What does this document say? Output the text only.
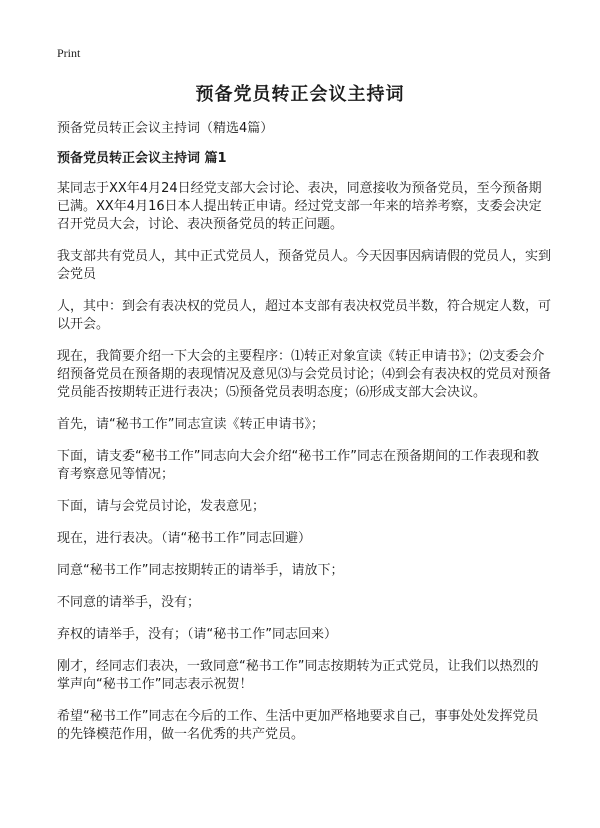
Print
预备党员转正会议主持词

预备党员转正会议主持词（精选4篇）

预备党员转正会议主持词 篇1

某同志于XX年4月24日经党支部大会讨论、表决，同意接收为预备党员，至今预备期已满。XX年4月16日本人提出转正申请。经过党支部一年来的培养考察，支委会决定召开党员大会，讨论、表决预备党员的转正问题。

我支部共有党员人，其中正式党员人，预备党员人。今天因事因病请假的党员人，实到会党员

人，其中：到会有表决权的党员人，超过本支部有表决权党员半数，符合规定人数，可以开会。

现在，我简要介绍一下大会的主要程序：⑴转正对象宣读《转正申请书》；⑵支委会介绍预备党员在预备期的表现情况及意见⑶与会党员讨论；⑷到会有表决权的党员对预备党员能否按期转正进行表决；⑸预备党员表明态度；⑹形成支部大会决议。

首先，请“秘书工作”同志宣读《转正申请书》；

下面，请支委“秘书工作”同志向大会介绍“秘书工作”同志在预备期间的工作表现和教育考察意见等情况；

下面，请与会党员讨论，发表意见；

现在，进行表决。（请“秘书工作”同志回避）

同意“秘书工作”同志按期转正的请举手，请放下；

不同意的请举手，没有；

弃权的请举手，没有；（请“秘书工作”同志回来）

刚才，经同志们表决，一致同意“秘书工作”同志按期转为正式党员，让我们以热烈的掌声向“秘书工作”同志表示祝贺！

希望“秘书工作”同志在今后的工作、生活中更加严格地要求自己，事事处处发挥党员的先锋模范作用，做一名优秀的共产党员。
